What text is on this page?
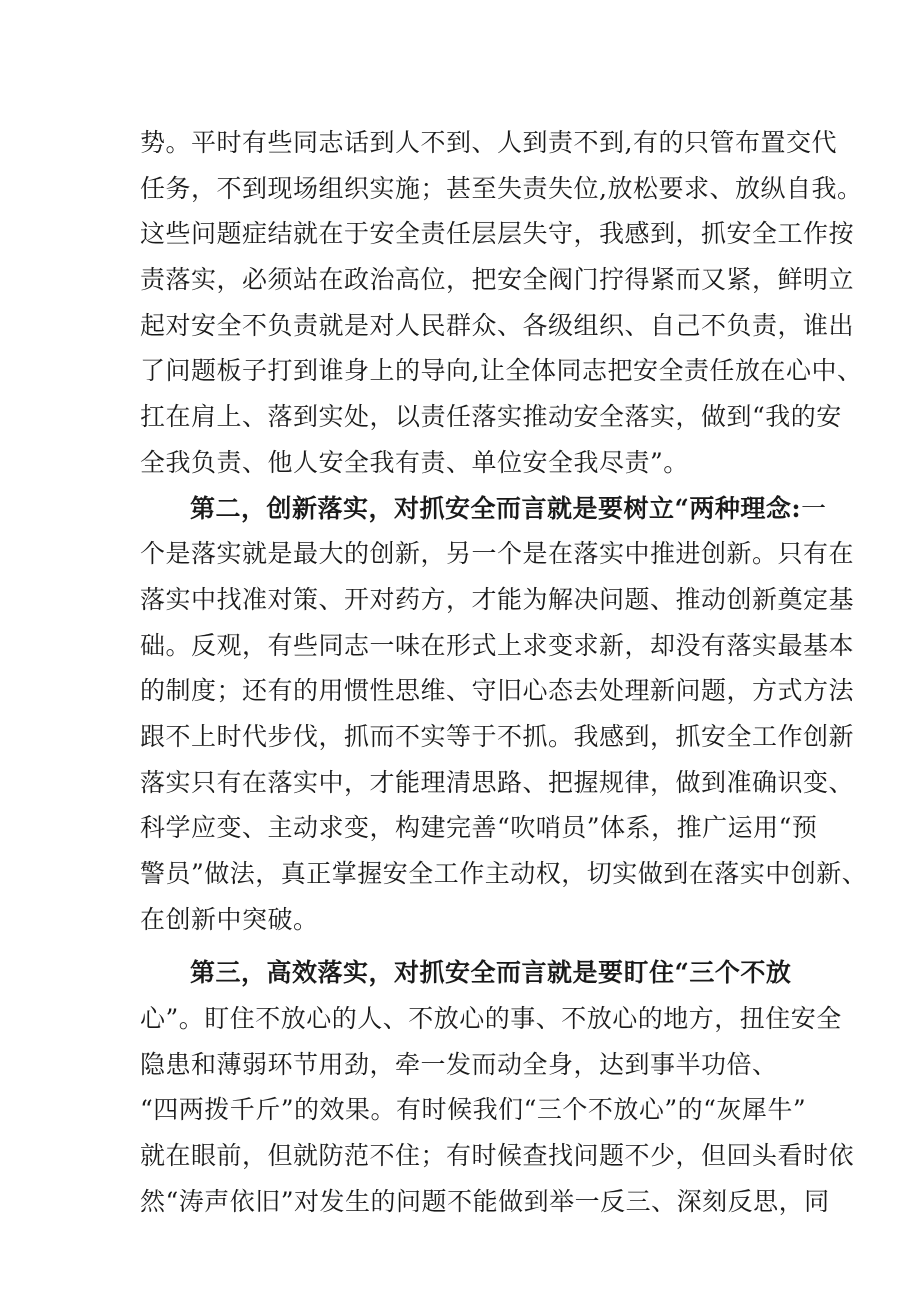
势。平时有些同志话到人不到、人到责不到,有的只管布置交代
任务，不到现场组织实施；甚至失责失位,放松要求、放纵自我。
这些问题症结就在于安全责任层层失守，我感到，抓安全工作按
责落实，必须站在政治高位，把安全阀门拧得紧而又紧，鲜明立
起对安全不负责就是对人民群众、各级组织、自己不负责，谁出
了问题板子打到谁身上的导向,让全体同志把安全责任放在心中、
扛在肩上、落到实处，以责任落实推动安全落实，做到“我的安
全我负责、他人安全我有责、单位安全我尽责”。
第二，创新落实，对抓安全而言就是要树立“两种理念:一
个是落实就是最大的创新，另一个是在落实中推进创新。只有在
落实中找准对策、开对药方，才能为解决问题、推动创新奠定基
础。反观，有些同志一味在形式上求变求新，却没有落实最基本
的制度；还有的用惯性思维、守旧心态去处理新问题，方式方法
跟不上时代步伐，抓而不实等于不抓。我感到，抓安全工作创新
落实只有在落实中，才能理清思路、把握规律，做到准确识变、
科学应变、主动求变，构建完善“吹哨员”体系，推广运用“预
警员”做法，真正掌握安全工作主动权，切实做到在落实中创新、
在创新中突破。
第三，高效落实，对抓安全而言就是要盯住“三个不放
心”。盯住不放心的人、不放心的事、不放心的地方，扭住安全
隐患和薄弱环节用劲，牵一发而动全身，达到事半功倍、
“四两拨千斤”的效果。有时候我们“三个不放心”的“灰犀牛”
就在眼前，但就防范不住；有时候查找问题不少，但回头看时依
然“涛声依旧”对发生的问题不能做到举一反三、深刻反思，同
